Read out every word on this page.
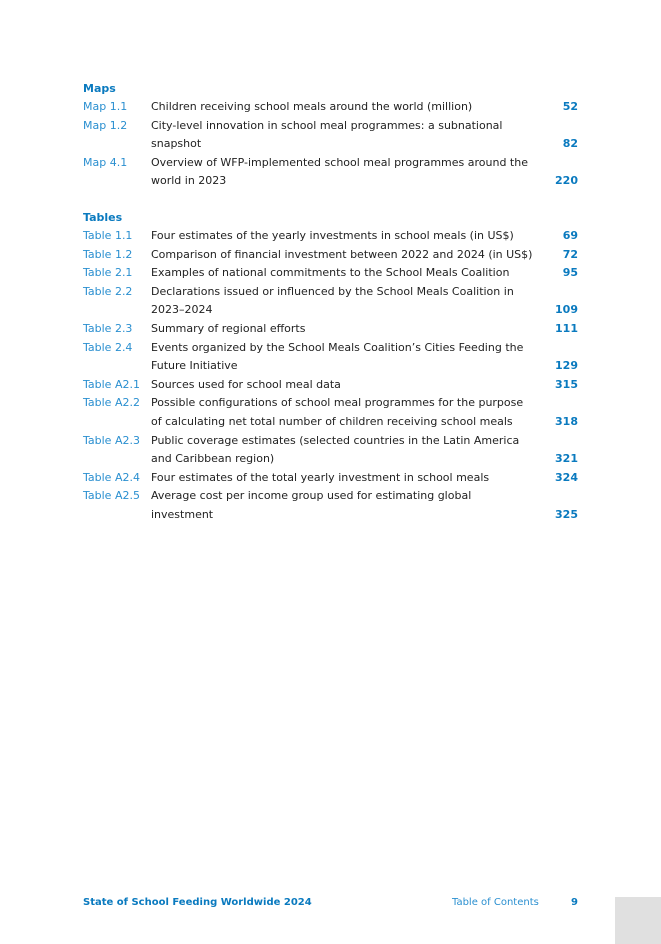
Maps
Map 1.1 Children receiving school meals around the world (million)	52
Map 1.2 City-level innovation in school meal programmes: a subnational snapshot	82
Map 4.1 Overview of WFP-implemented school meal programmes around the world in 2023	220
Tables
Table 1.1 Four estimates of the yearly investments in school meals (in US$)	69
Table 1.2 Comparison of financial investment between 2022 and 2024 (in US$)	72
Table 2.1 Examples of national commitments to the School Meals Coalition	95
Table 2.2 Declarations issued or influenced by the School Meals Coalition in 2023–2024	109
Table 2.3 Summary of regional efforts	111
Table 2.4 Events organized by the School Meals Coalition’s Cities Feeding the Future Initiative	129
Table A2.1 Sources used for school meal data	315
Table A2.2 Possible configurations of school meal programmes for the purpose of calculating net total number of children receiving school meals	318
Table A2.3 Public coverage estimates (selected countries in the Latin America and Caribbean region)	321
Table A2.4 Four estimates of the total yearly investment in school meals	324
Table A2.5 Average cost per income group used for estimating global investment	325
State of School Feeding Worldwide 2024	Table of Contents	9
